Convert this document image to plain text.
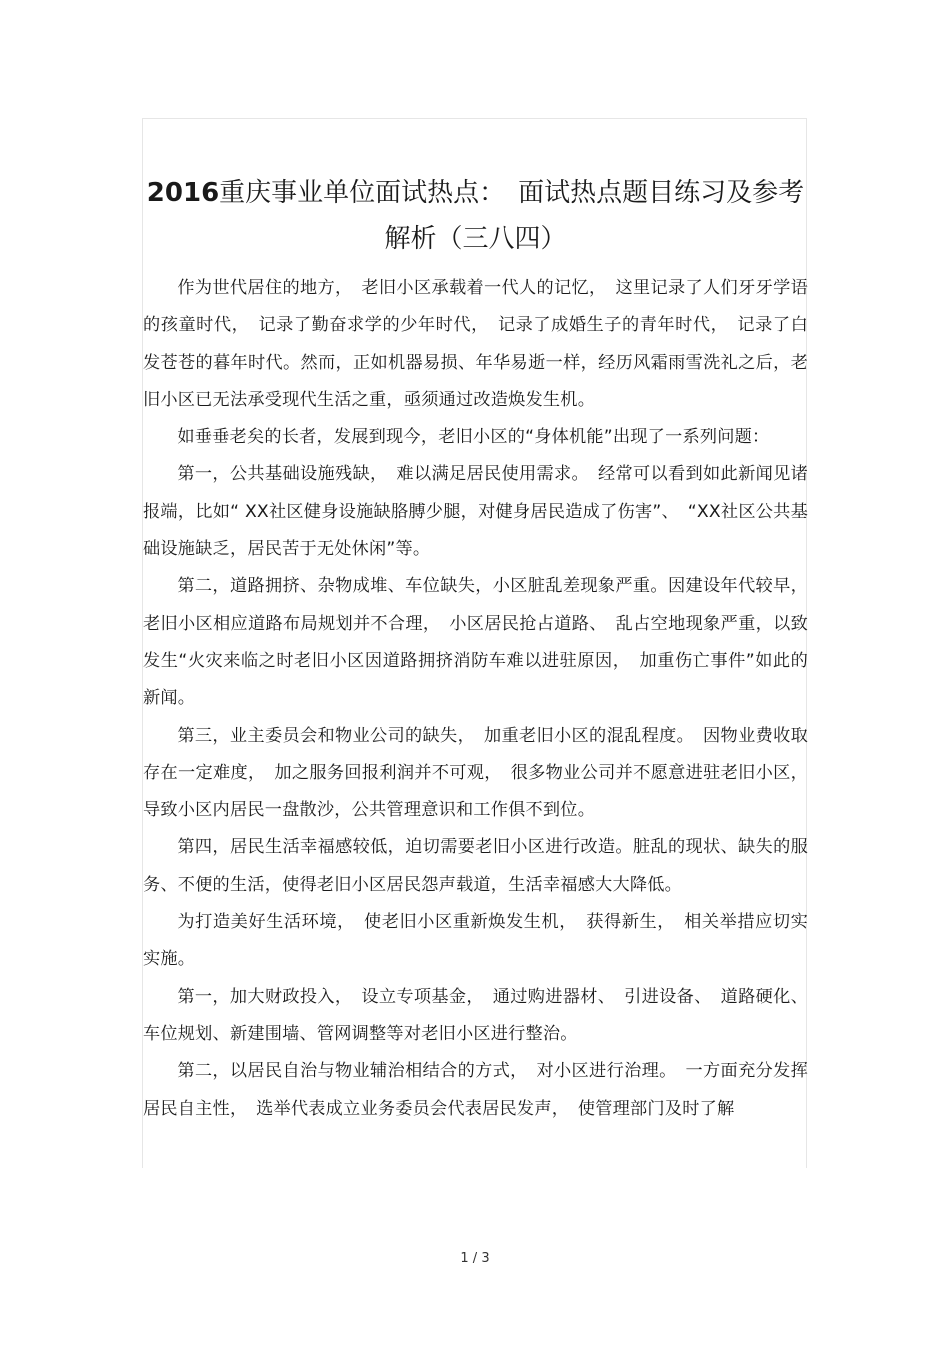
2016重庆事业单位面试热点：　面试热点题目练习及参考解析（三八四）

作为世代居住的地方，　老旧小区承载着一代人的记忆，　这里记录了人们牙牙学语的孩童时代，　记录了勤奋求学的少年时代，　记录了成婚生子的青年时代，　记录了白发苍苍的暮年时代。然而，正如机器易损、年华易逝一样，经历风霜雨雪洗礼之后，老旧小区已无法承受现代生活之重，亟须通过改造焕发生机。

如垂垂老矣的长者，发展到现今，老旧小区的“身体机能”出现了一系列问题：

第一，公共基础设施残缺，　难以满足居民使用需求。　经常可以看到如此新闻见诸报端，比如“ XX社区健身设施缺胳膊少腿，对健身居民造成了伤害”、　“XX社区公共基础设施缺乏，居民苦于无处休闲”等。

第二，道路拥挤、杂物成堆、车位缺失，小区脏乱差现象严重。因建设年代较早，老旧小区相应道路布局规划并不合理，　小区居民抢占道路、　乱占空地现象严重，以致发生“火灾来临之时老旧小区因道路拥挤消防车难以进驻原因，　加重伤亡事件”如此的新闻。

第三，业主委员会和物业公司的缺失，　加重老旧小区的混乱程度。　因物业费收取存在一定难度，　加之服务回报利润并不可观，　很多物业公司并不愿意进驻老旧小区，导致小区内居民一盘散沙，公共管理意识和工作俱不到位。

第四，居民生活幸福感较低，迫切需要老旧小区进行改造。脏乱的现状、缺失的服务、不便的生活，使得老旧小区居民怨声载道，生活幸福感大大降低。

为打造美好生活环境，　使老旧小区重新焕发生机，　获得新生，　相关举措应切实实施。

第一，加大财政投入，　设立专项基金，　通过购进器材、　引进设备、　道路硬化、车位规划、新建围墙、管网调整等对老旧小区进行整治。

第二，以居民自治与物业辅治相结合的方式，　对小区进行治理。　一方面充分发挥居民自主性，　选举代表成立业务委员会代表居民发声，　使管理部门及时了解

1 / 3
